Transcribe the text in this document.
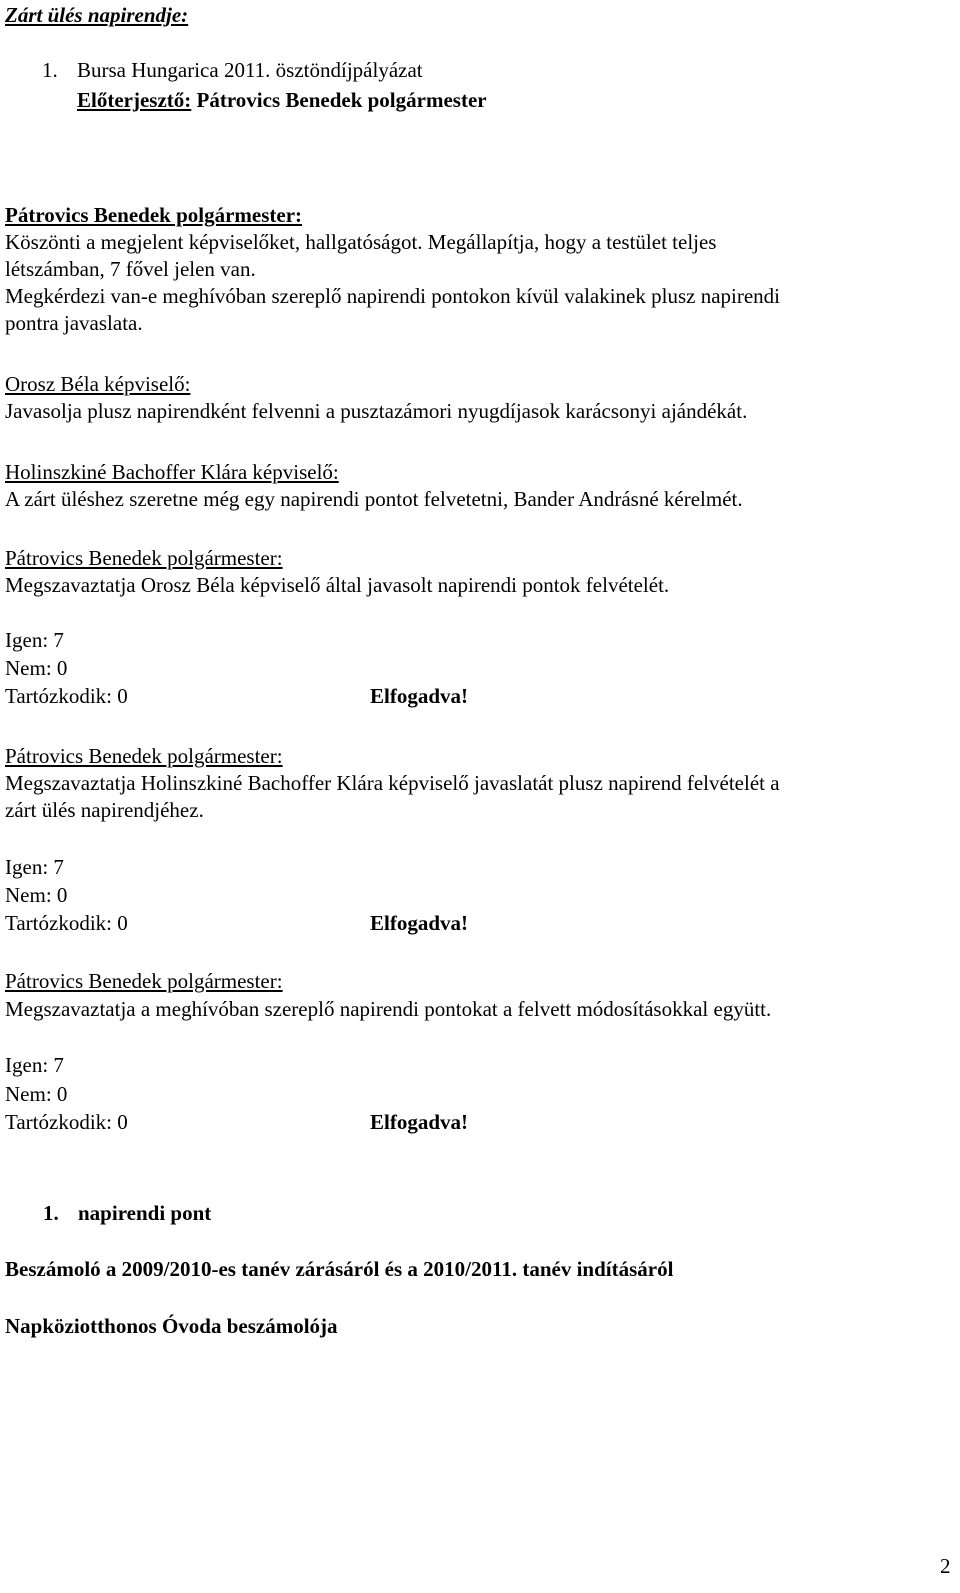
Zárt ülés napirendje:
1. Bursa Hungarica 2011. ösztöndíjpályázat
Előterjesztő: Pátrovics Benedek polgármester
Pátrovics Benedek polgármester:
Köszönti a megjelent képviselőket, hallgatóságot. Megállapítja, hogy a testület teljes
létszámban, 7 fővel jelen van.
Megkérdezi van-e meghívóban szereplő napirendi pontokon kívül valakinek plusz napirendi
pontra javaslata.
Orosz Béla képviselő:
Javasolja plusz napirendként felvenni a pusztazámori nyugdíjasok karácsonyi ajándékát.
Holinszkiné Bachoffer Klára képviselő:
A zárt üléshez szeretne még egy napirendi pontot felvetetni, Bander Andrásné kérelmét.
Pátrovics Benedek polgármester:
Megszavaztatja Orosz Béla képviselő által javasolt napirendi pontok felvételét.
Igen: 7
Nem: 0
Tartózkodik: 0	Elfogadva!
Pátrovics Benedek polgármester:
Megszavaztatja Holinszkiné Bachoffer Klára képviselő javaslatát plusz napirend felvételét a
zárt ülés napirendjéhez.
Igen: 7
Nem: 0
Tartózkodik: 0	Elfogadva!
Pátrovics Benedek polgármester:
Megszavaztatja a meghívóban szereplő napirendi pontokat a felvett módosításokkal együtt.
Igen: 7
Nem: 0
Tartózkodik: 0	Elfogadva!
1. napirendi pont
Beszámoló a 2009/2010-es tanév zárásáról és a 2010/2011. tanév indításáról
Napköziotthonos Óvoda beszámolója
2
